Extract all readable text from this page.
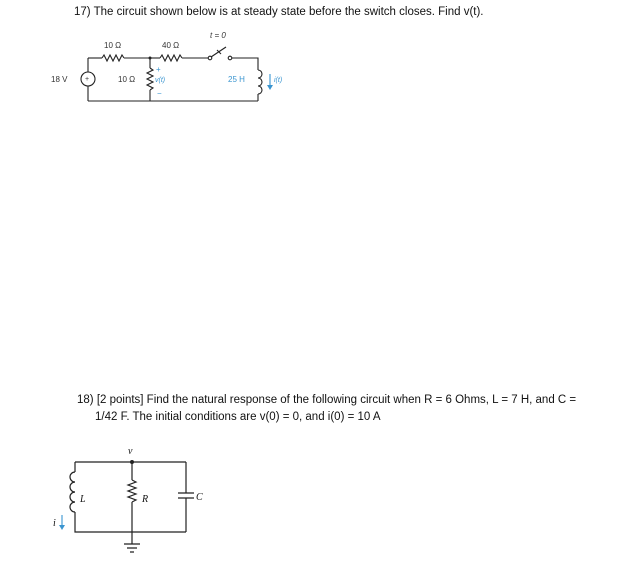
17) The circuit shown below is at steady state before the switch closes. Find v(t).
+
18 V
10 Ω	40 Ω
t = 0
10 Ω
+
v(t)
−
25 H	i(t)
18) [2 points] Find the natural response of the following circuit when R = 6 Ohms, L = 7 H, and C =
1/42 F. The initial conditions are v(0) = 0, and i(0) = 10 A
v
L
i
R	C
